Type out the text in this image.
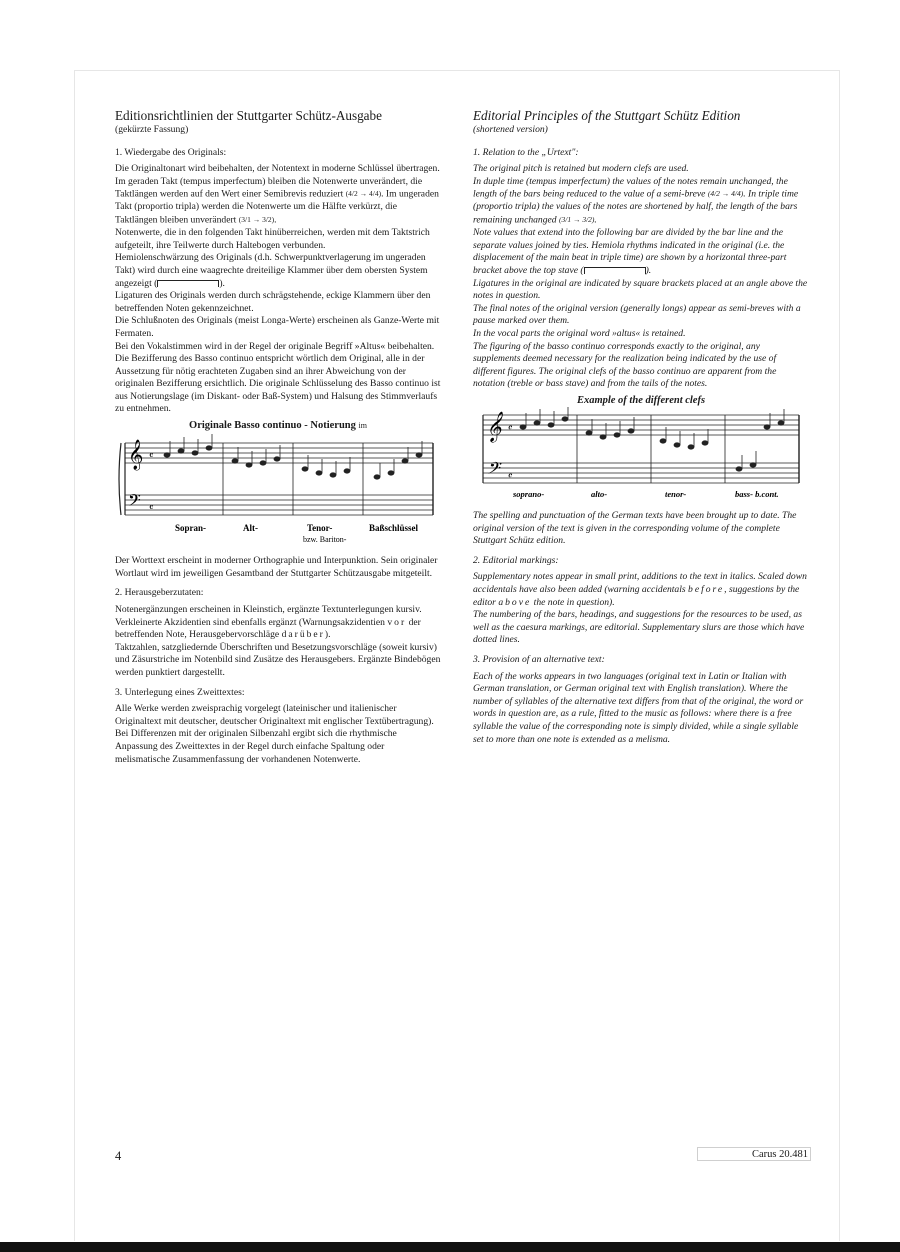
Editionsrichtlinien der Stuttgarter Schütz-Ausgabe

(gekürzte Fassung)

1. Wiedergabe des Originals:

Die Originaltonart wird beibehalten, der Notentext in moderne Schlüssel übertragen.

Im geraden Takt (tempus imperfectum) bleiben die Notenwerte unverändert, die Taktlängen werden auf den Wert einer Semibrevis reduziert (4/2 → 4/4). Im ungeraden Takt (proportio tripla) werden die Notenwerte um die Hälfte verkürzt, die Taktlängen bleiben unverändert (3/1 → 3/2).

Notenwerte, die in den folgenden Takt hinüberreichen, werden mit dem Taktstrich aufgeteilt, ihre Teilwerte durch Haltebogen verbunden.

Hemiolenschwärzung des Originals (d.h. Schwerpunktverlagerung im ungeraden Takt) wird durch eine waagrechte dreiteilige Klammer über dem obersten System angezeigt (	).

Ligaturen des Originals werden durch schrägstehende, eckige Klammern über den betreffenden Noten gekennzeichnet.

Die Schlußnoten des Originals (meist Longa-Werte) erscheinen als Ganze-Werte mit Fermaten.

Bei den Vokalstimmen wird in der Regel der originale Begriff »Altus« beibehalten.

Die Bezifferung des Basso continuo entspricht wörtlich dem Original, alle in der Aussetzung für nötig erachteten Zugaben sind an ihrer Abweichung von der originalen Bezifferung ersichtlich. Die originale Schlüsselung des Basso continuo ist aus Notierungslage (im Diskant- oder Baß-System) und Halsung des Stimmverlaufs zu entnehmen.

Originale Basso continuo - Notierung im
𝄞
𝄢
𝄴
𝄴
Sopran-	Alt-	Tenor-	Baßschlüssel
bzw. Bariton-

Der Worttext erscheint in moderner Orthographie und Interpunktion. Sein originaler Wortlaut wird im jeweiligen Gesamtband der Stuttgarter Schützausgabe mitgeteilt.

2. Herausgeberzutaten:

Notenergänzungen erscheinen in Kleinstich, ergänzte Textunterlegungen kursiv. Verkleinerte Akzidentien sind ebenfalls ergänzt (Warnungsakzidentien vor der betreffenden Note, Herausgebervorschläge darüber).

Taktzahlen, satzgliedernde Überschriften und Besetzungsvorschläge (soweit kursiv) und Zäsurstriche im Notenbild sind Zusätze des Herausgebers. Ergänzte Bindebögen werden punktiert dargestellt.

3. Unterlegung eines Zweittextes:

Alle Werke werden zweisprachig vorgelegt (lateinischer und italienischer Originaltext mit deutscher, deutscher Originaltext mit englischer Textübertragung). Bei Differenzen mit der originalen Silbenzahl ergibt sich die rhythmische Anpassung des Zweittextes in der Regel durch einfache Spaltung oder melismatische Zusammenfassung der vorhandenen Notenwerte.

Editorial Principles of the Stuttgart Schütz Edition

(shortened version)

1. Relation to the „Urtext":

The original pitch is retained but modern clefs are used.

In duple time (tempus imperfectum) the values of the notes remain unchanged, the length of the bars being reduced to the value of a semi-breve (4/2 → 4/4). In triple time (proportio tripla) the values of the notes are shortened by half, the length of the bars remaining unchanged (3/1 → 3/2).

Note values that extend into the following bar are divided by the bar line and the separate values joined by ties. Hemiola rhythms indicated in the original (i.e. the displacement of the main beat in triple time) are shown by a horizontal three-part bracket above the top stave (	).

Ligatures in the original are indicated by square brackets placed at an angle above the notes in question.

The final notes of the original version (generally longs) appear as semi-breves with a pause marked over them.

In the vocal parts the original word »altus« is retained.

The figuring of the basso continuo corresponds exactly to the original, any supplements deemed necessary for the realization being indicated by the use of different figures. The original clefs of the basso continuo are apparent from the notation (treble or bass stave) and from the tails of the notes.

Example of the different clefs
𝄞
𝄢
𝄴
𝄴
soprano-	alto-	tenor-	bass- b.cont.

The spelling and punctuation of the German texts have been brought up to date. The original version of the text is given in the corresponding volume of the complete Stuttgart Schütz edition.

2. Editorial markings:

Supplementary notes appear in small print, additions to the text in italics. Scaled down accidentals have also been added (warning accidentals before, suggestions by the editor above the note in question).

The numbering of the bars, headings, and suggestions for the resources to be used, as well as the caesura markings, are editorial. Supplementary slurs are those which have dotted lines.

3. Provision of an alternative text:

Each of the works appears in two languages (original text in Latin or Italian with German translation, or German original text with English translation). Where the number of syllables of the alternative text differs from that of the original, the word or words in question are, as a rule, fitted to the music as follows: where there is a free syllable the value of the corresponding note is simply divided, while a single syllable set to more than one note is extended as a melisma.

4	Carus 20.481
